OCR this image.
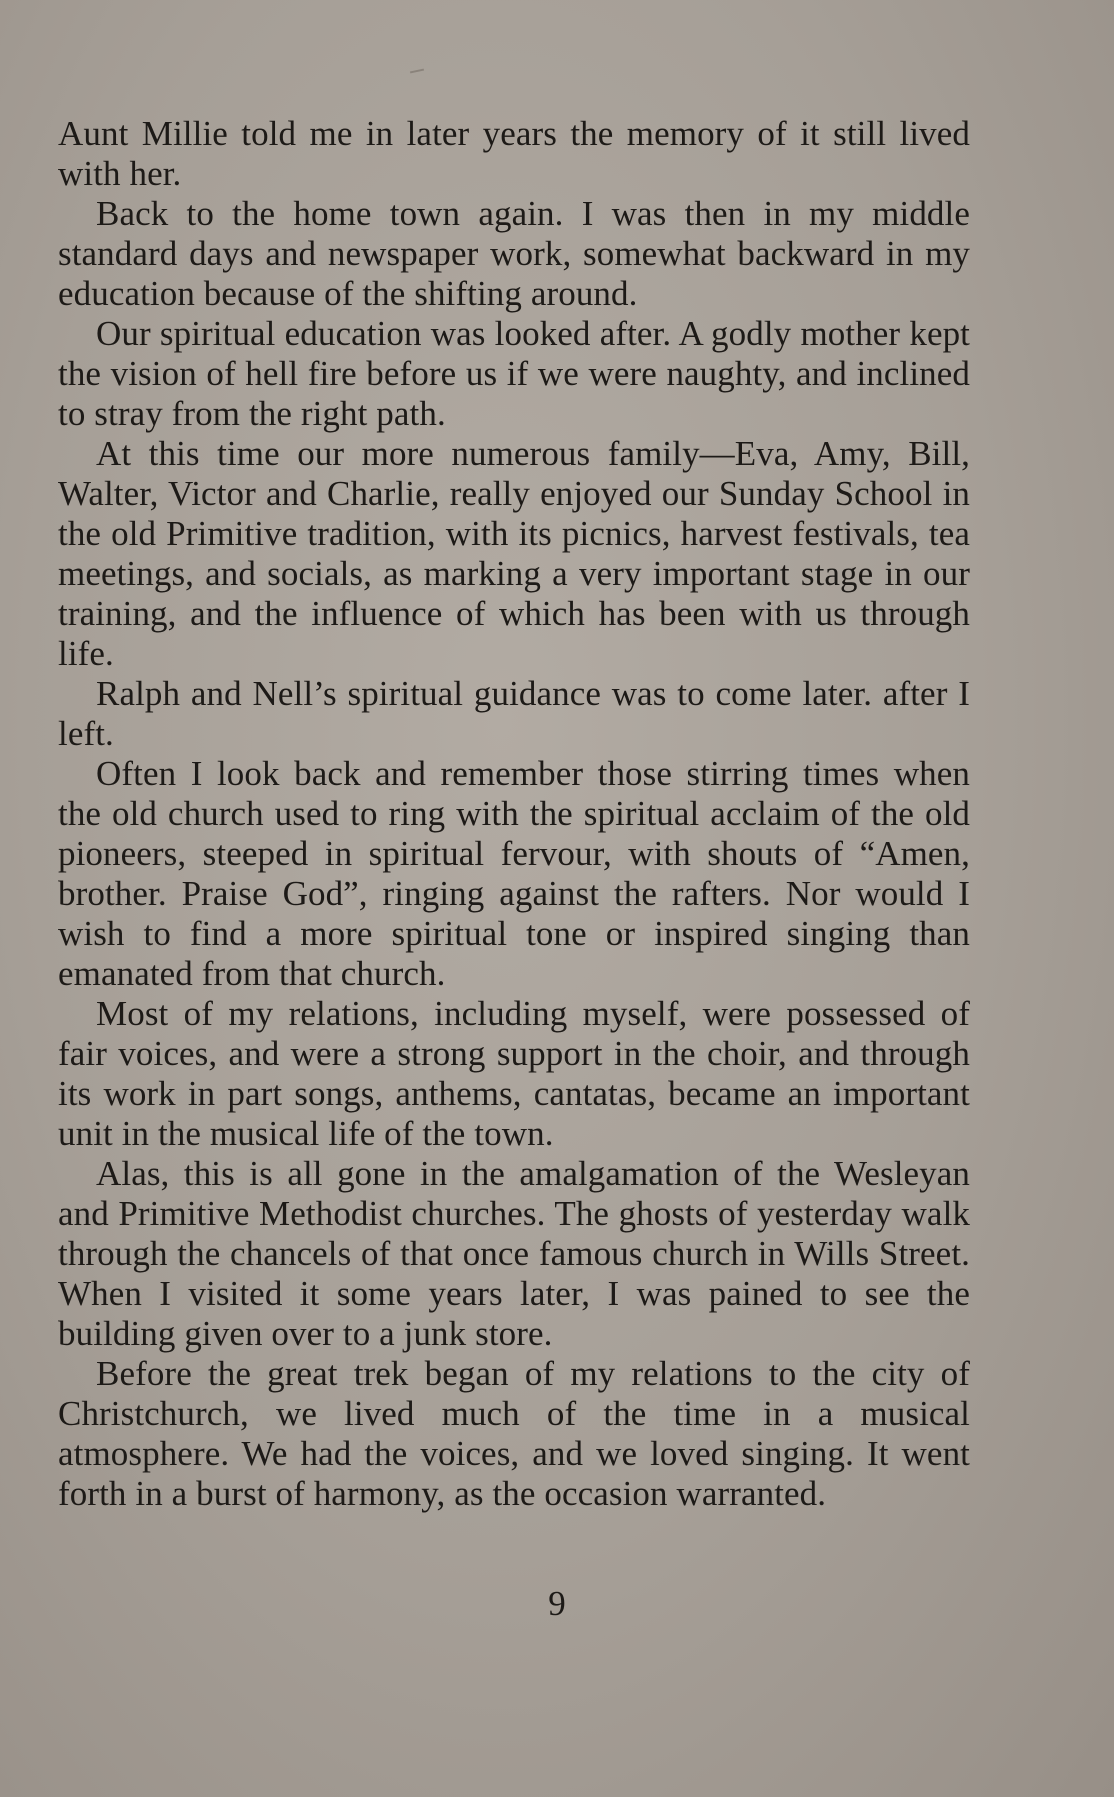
Aunt Millie told me in later years the memory of it still lived with her.

Back to the home town again. I was then in my middle standard days and newspaper work, somewhat backward in my education because of the shifting around.

Our spiritual education was looked after. A godly mother kept the vision of hell fire before us if we were naughty, and inclined to stray from the right path.

At this time our more numerous family—Eva, Amy, Bill, Walter, Victor and Charlie, really enjoyed our Sunday School in the old Primitive tradition, with its picnics, harvest festivals, tea meetings, and socials, as marking a very important stage in our training, and the influence of which has been with us through life.

Ralph and Nell’s spiritual guidance was to come later. after I left.

Often I look back and remember those stirring times when the old church used to ring with the spiritual acclaim of the old pioneers, steeped in spiritual fervour, with shouts of “Amen, brother. Praise God”, ringing against the rafters. Nor would I wish to find a more spiritual tone or inspired singing than emanated from that church.

Most of my relations, including myself, were possessed of fair voices, and were a strong support in the choir, and through its work in part songs, anthems, cantatas, became an important unit in the musical life of the town.

Alas, this is all gone in the amalgamation of the Wesleyan and Primitive Methodist churches. The ghosts of yesterday walk through the chancels of that once famous church in Wills Street. When I visited it some years later, I was pained to see the building given over to a junk store.

Before the great trek began of my relations to the city of Christchurch, we lived much of the time in a musical atmosphere. We had the voices, and we loved singing. It went forth in a burst of harmony, as the occasion warranted.

9
